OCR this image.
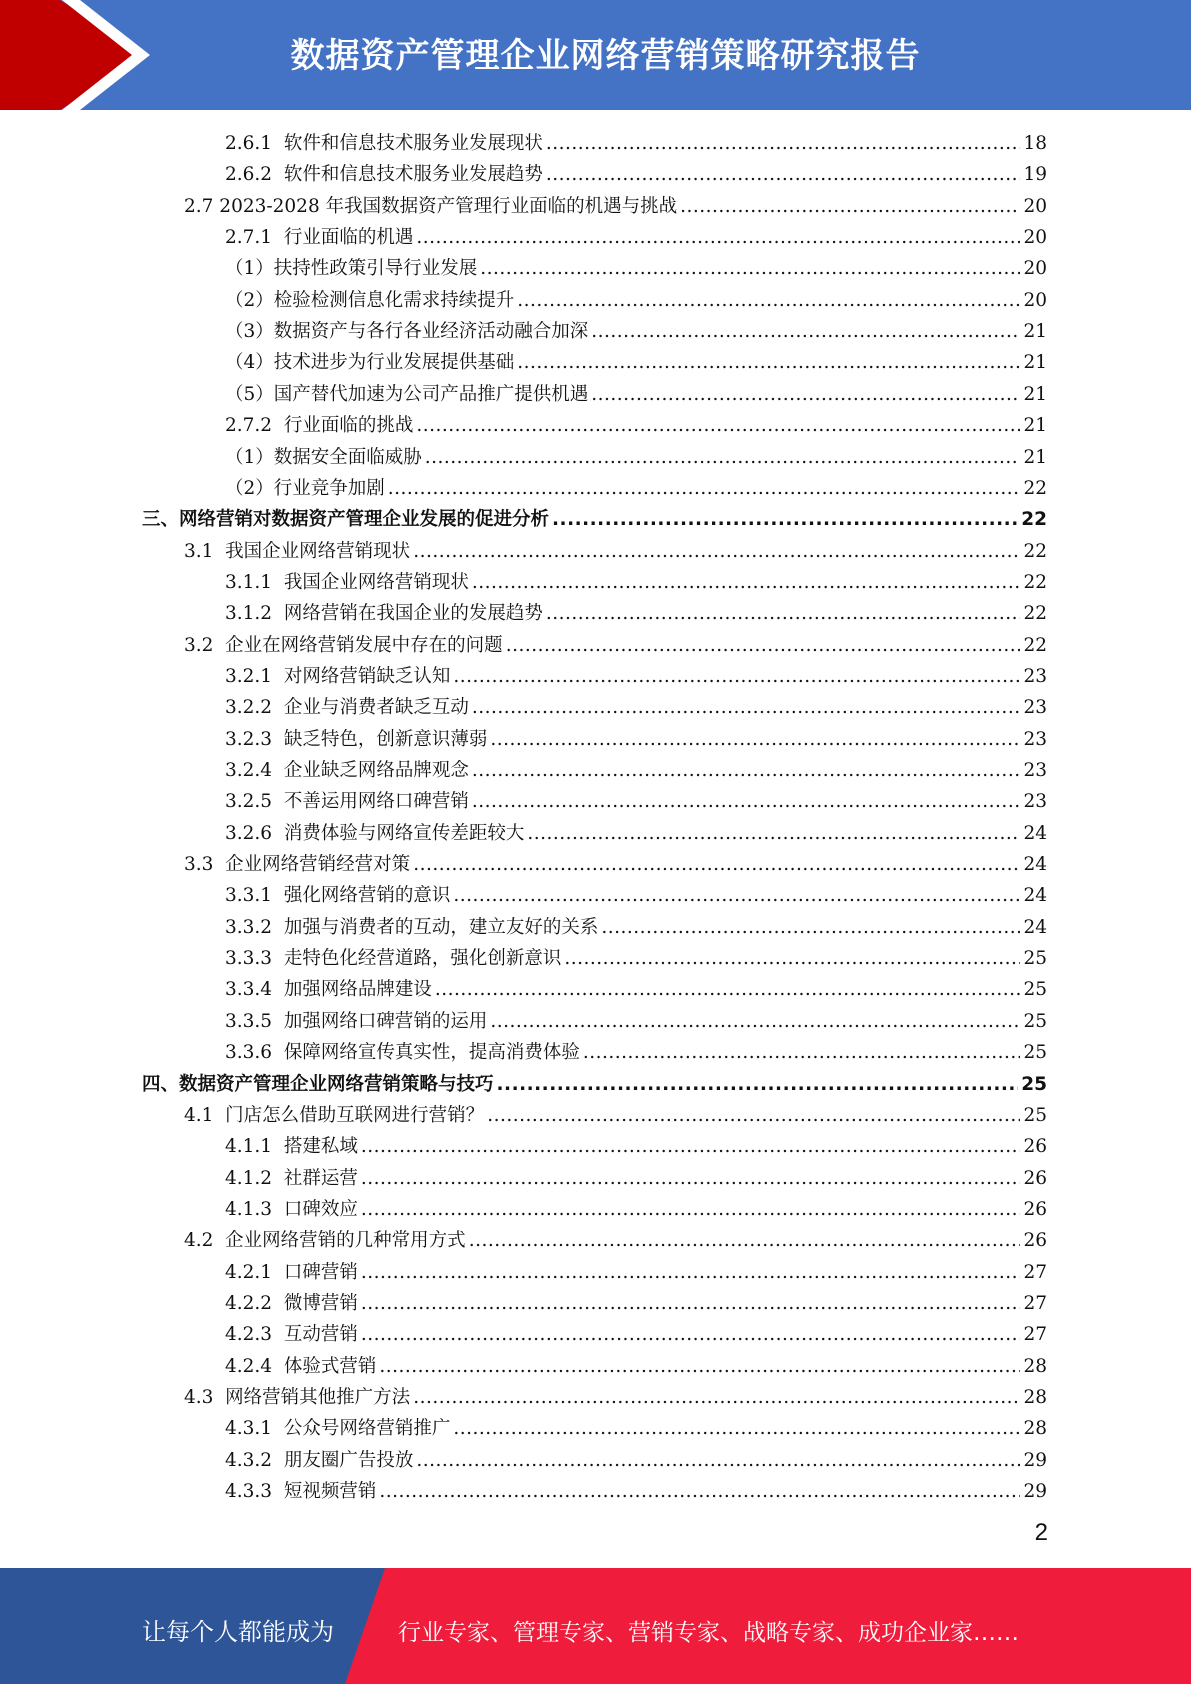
数据资产管理企业网络营销策略研究报告
2.6.1  软件和信息技术服务业发展现状 .....	18
2.6.2  软件和信息技术服务业发展趋势 .....	19
2.7 2023-2028 年我国数据资产管理行业面临的机遇与挑战 .....	20
2.7.1  行业面临的机遇 .....	20
（1）扶持性政策引导行业发展 .....	20
（2）检验检测信息化需求持续提升 .....	20
（3）数据资产与各行各业经济活动融合加深 .....	21
（4）技术进步为行业发展提供基础 .....	21
（5）国产替代加速为公司产品推广提供机遇 .....	21
2.7.2  行业面临的挑战 .....	21
（1）数据安全面临威胁 .....	21
（2）行业竞争加剧 .....	22
三、网络营销对数据资产管理企业发展的促进分析 .....	22
3.1  我国企业网络营销现状 .....	22
3.1.1  我国企业网络营销现状 .....	22
3.1.2  网络营销在我国企业的发展趋势 .....	22
3.2  企业在网络营销发展中存在的问题 .....	22
3.2.1  对网络营销缺乏认知 .....	23
3.2.2  企业与消费者缺乏互动 .....	23
3.2.3  缺乏特色，创新意识薄弱 .....	23
3.2.4  企业缺乏网络品牌观念 .....	23
3.2.5  不善运用网络口碑营销 .....	23
3.2.6  消费体验与网络宣传差距较大 .....	24
3.3  企业网络营销经营对策 .....	24
3.3.1  强化网络营销的意识 .....	24
3.3.2  加强与消费者的互动，建立友好的关系 .....	24
3.3.3  走特色化经营道路，强化创新意识 .....	25
3.3.4  加强网络品牌建设 .....	25
3.3.5  加强网络口碑营销的运用 .....	25
3.3.6  保障网络宣传真实性，提高消费体验 .....	25
四、数据资产管理企业网络营销策略与技巧 .....	25
4.1  门店怎么借助互联网进行营销？ .....	25
4.1.1  搭建私域 .....	26
4.1.2  社群运营 .....	26
4.1.3  口碑效应 .....	26
4.2  企业网络营销的几种常用方式 .....	26
4.2.1  口碑营销 .....	27
4.2.2  微博营销 .....	27
4.2.3  互动营销 .....	27
4.2.4  体验式营销 .....	28
4.3  网络营销其他推广方法 .....	28
4.3.1  公众号网络营销推广 .....	28
4.3.2  朋友圈广告投放 .....	29
4.3.3  短视频营销 .....	29
2
让每个人都能成为	行业专家、管理专家、营销专家、战略专家、成功企业家……
